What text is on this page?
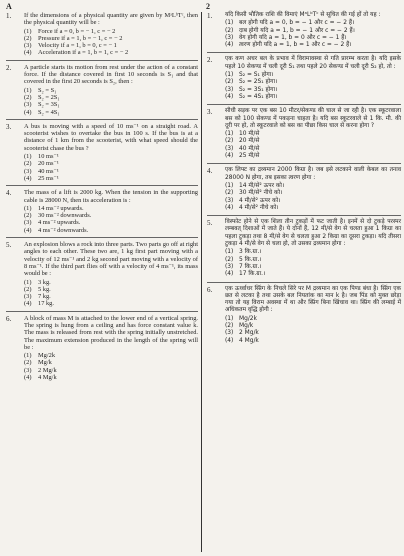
A	2
1. If the dimensions of a physical quantity are given by MᵃLᵇTᶜ, then the physical quantity will be :
(1)	Force if a = 0, b = − 1, c = − 2
(2)	Pressure if a = 1, b = − 1, c = − 2
(3)	Velocity if a = 1, b = 0, c = − 1
(4)	Acceleration if a = 1, b = 1, c = − 2
2. A particle starts its motion from rest under the action of a constant force. If the distance covered in first 10 seconds is S₁ and that covered in the first 20 seconds is S₂, then :
(1)	S₂ = S₁
(2)	S₂ = 2S₁
(3)	S₂ = 3S₁
(4)	S₂ = 4S₁
3. A bus is moving with a speed of 10 ms⁻¹ on a straight road. A scooterist wishes to overtake the bus in 100 s. If the bus is at a distance of 1 km from the scooterist, with what speed should the scooterist chase the bus ?
(1)	10 ms⁻¹
(2)	20 ms⁻¹
(3)	40 ms⁻¹
(4)	25 ms⁻¹
4. The mass of a lift is 2000 kg. When the tension in the supporting cable is 28000 N, then its acceleration is :
(1)	14 ms⁻² upwards.
(2)	30 ms⁻² downwards.
(3)	4 ms⁻² upwards.
(4)	4 ms⁻² downwards.
5. An explosion blows a rock into three parts. Two parts go off at right angles to each other. These two are, 1 kg first part moving with a velocity of 12 ms⁻¹ and 2 kg second part moving with a velocity of 8 ms⁻¹. If the third part flies off with a velocity of 4 ms⁻¹, its mass would be :
(1)	3 kg.
(2)	5 kg.
(3)	7 kg.
(4)	17 kg.
6. A block of mass M is attached to the lower end of a vertical spring. The spring is hung from a ceiling and has force constant value k. The mass is released from rest with the spring initially unstretched. The maximum extension produced in the length of the spring will be :
(1)	Mg/2k
(2)	Mg/k
(3)	2 Mg/k
(4)	4 Mg/k
1. यदि किसी भौतिक राशि की विमाएं MᵃLᵇTᶜ से सूचित की गई हों तो यह :
(1) बल होगी यदि a = 0, b = − 1 और c = − 2 हैं।
(2) दाब होगी यदि a = 1, b = − 1 और c = − 2 हैं।
(3) वेग होगी यदि a = 1, b = 0 और c = − 1 हैं।
(4) त्वरण होगी यदि a = 1, b = 1 और c = − 2 हैं।
2. एक कण अचर बल के प्रभाव में विरामावस्था से गति प्रारम्भ करता है। यदि इसके पहले 10 सेकण्ड में चली दूरी S₁ तथा पहले 20 सेकण्ड में चली दूरी S₂ हो, तो :
(1) S₂ = S₁ होगा।
(2) S₂ = 2S₁ होगा।
(3) S₂ = 3S₁ होगा।
(4) S₂ = 4S₁ होगा।
3. सीधी सड़क पर एक बस 10 मीटर/सेकण्ड की चाल से जा रही है। एक स्कूटरवाला बस को 100 सेकण्ड में पकड़ना चाहता है। यदि बस स्कूटरवाले से 1 कि. मी. की दूरी पर हो, तो स्कूटरवाले को बस का पीछा किस चाल से करना होगा ?
(1) 10 मी/से
(2) 20 मी/से
(3) 40 मी/से
(4) 25 मी/से
4. एक लिफ्ट का द्रव्यमान 2000 किग्रा है। जब इसे लटकाने वाली केबल का तनाव 28000 N होगा, तब इसका त्वरण होगा :
(1) 14 मी/से² ऊपर को।
(2) 30 मी/से² नीचे को।
(3) 4 मी/से² ऊपर को।
(4) 4 मी/से² नीचे को।
5. विस्फोट होने से एक शिला तीन टुकड़ों में फट जाती है। इनमें से दो टुकड़े परस्पर लम्बवत् दिशाओं में जाते हैं। ये दोनों हैं, 12 मी/से वेग से चलता हुआ 1 किग्रा का पहला टुकड़ा तथा 8 मी/से वेग से चलता हुआ 2 किग्रा का दूसरा टुकड़ा। यदि तीसरा टुकड़ा 4 मी/से वेग से चला हो, तो उसका द्रव्यमान होगा :
(1) 3 कि.ग्रा.।
(2) 5 कि.ग्रा.।
(3) 7 कि.ग्रा.।
(4) 17 कि.ग्रा.।
6. एक ऊर्ध्वाधर स्प्रिंग के निचले सिरे पर M द्रव्यमान का एक पिण्ड बंधा है। स्प्रिंग एक छत से लटका है तथा उसके बल नियतांक का मान k है। जब पिंड को मुक्त छोड़ा गया तो यह विराम अवस्था में था और स्प्रिंग बिना खिंचाव था। स्प्रिंग की लम्बाई में अधिकतम वृद्धि होगी :
(1) Mg/2k
(2) Mg/k
(3) 2 Mg/k
(4) 4 Mg/k
